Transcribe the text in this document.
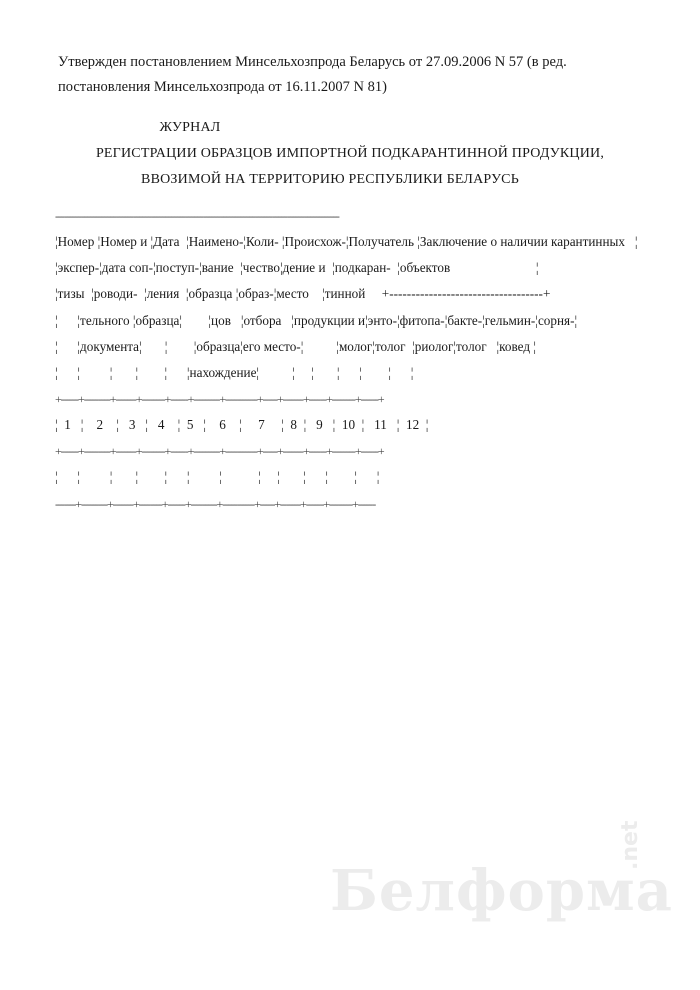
Утвержден постановлением Минсельхозпрода Беларусь от 27.09.2006 N 57 (в ред. постановления Минсельхозпрода от 16.11.2007 N 81)
ЖУРНАЛ
РЕГИСТРАЦИИ ОБРАЗЦОВ ИМПОРТНОЙ ПОДКАРАНТИННОЙ ПРОДУКЦИИ,
ВВОЗИМОЙ НА ТЕРРИТОРИЮ РЕСПУБЛИКИ БЕЛАРУСЬ
--------------------------------------------------------------------------------------------------
¦Номер ¦Номер и ¦Дата  ¦Наимено-¦Коли- ¦Происхож-¦Получатель ¦Заключение о наличии карантинных   ¦
¦экспер-¦дата соп-¦поступ-¦вание  ¦чество¦дение и  ¦подкаран-  ¦объектов                          ¦
¦тизы  ¦роводи-  ¦ления  ¦образца ¦образ-¦место    ¦тинной     +-----------------------------------+
¦      ¦тельного ¦образца¦        ¦цов   ¦отбора   ¦продукции и¦энто-¦фитопа-¦бакте-¦гельмин-¦сорня-¦
¦      ¦документа¦       ¦        ¦образца¦его место-¦          ¦молог¦толог  ¦риолог¦толог   ¦ковед ¦
¦      ¦         ¦       ¦        ¦      ¦нахождение¦          ¦     ¦       ¦      ¦        ¦      ¦
+------+---------+-------+--------+------+---------+-----------+-----+-------+------+--------+------+
¦  1   ¦    2    ¦   3   ¦   4    ¦  5   ¦    6    ¦     7     ¦  8  ¦   9   ¦  10  ¦   11   ¦  12  ¦
+------+---------+-------+--------+------+---------+-----------+-----+-------+------+--------+------+
¦      ¦         ¦       ¦        ¦      ¦         ¦           ¦     ¦       ¦      ¦        ¦      ¦
-------+---------+-------+--------+------+---------+-----------+-----+-------+------+--------+------
Белформа
.net
